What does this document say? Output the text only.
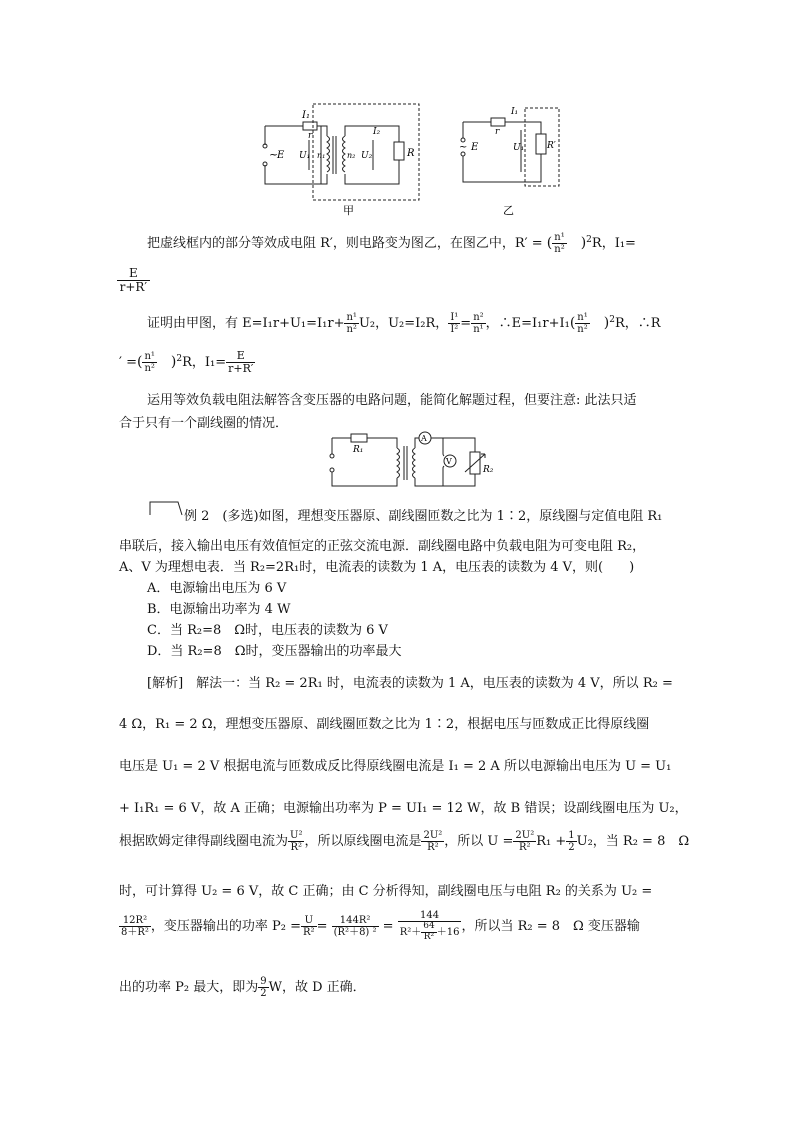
~
E
I₁
r
U₁ n₁	n₂
I₂
U₂	R
甲
~ E
I₁
r
U₁	R′
乙
把虚线框内的部分等效成电阻 R′，则电路变为图乙，在图乙中，R′ = ( $\frac{\text{n¹}}{\text{n²}}$ 　)$^2$R，I₁=
$\frac{E}{r+R'}$
证明由甲图，有 $E=I_1r+U_1=I_1r+ \frac{\text{n¹}}{\text{n²}} U_2$，U₂=I₂R， $\frac{\text{I¹}}{\text{I²}} = \frac{\text{n²}}{\text{n¹}}$ ，∴E=I₁r+I₁( $\frac{\text{n¹}}{\text{n²}}$ 　)$^2$R，∴R
′ =( $\frac{\text{n¹}}{\text{n²}}$ 　)$^2$R，$I_1= \frac{E}{r+R'}$
运用等效负载电阻法解答含变压器的电路问题，能简化解题过程，但要注意: 此法只适
合于只有一个副线圈的情况．
R₁
A
V
R₂
例 2　(多选)如图，理想变压器原、副线圈匝数之比为 1∶2，原线圈与定值电阻 R₁
串联后，接入输出电压有效值恒定的正弦交流电源．副线圈电路中负载电阻为可变电阻 R₂，
A、V 为理想电表．当 R₂=2R₁时，电流表的读数为 1 A，电压表的读数为 4 V，则(　　)
A．电源输出电压为 6 V
B．电源输出功率为 4 W
C．当 R₂=8　Ω时，电压表的读数为 6 V
D．当 R₂=8　Ω时，变压器输出的功率最大
[解析]　解法一：当 R₂ = 2R₁ 时，电流表的读数为 1 A，电压表的读数为 4 V，所以 R₂ =
4 Ω，R₁ = 2 Ω，理想变压器原、副线圈匝数之比为 1∶2，根据电压与匝数成正比得原线圈
电压是 U₁ = 2 V 根据电流与匝数成反比得原线圈电流是 I₁ = 2 A 所以电源输出电压为 U = U₁
+ I₁R₁ = 6 V，故 A 正确；电源输出功率为 P = UI₁ = 12 W，故 B 错误；设副线圈电压为 U₂，
根据欧姆定律得副线圈电流为 $\frac{\text{U²}}{\text{R²}}$ ，所以原线圈电流是 $\frac{\text{2U²}}{\text{R²}}$ ，所以 $U = \frac{\text{2U²}}{\text{R²}} R_1 + \frac{1}{2} U_2$，当 R₂ = 8　Ω
时，可计算得 U₂ = 6 V，故 C 正确；由 C 分析得知，副线圈电压与电阻 R₂ 的关系为 U₂ =
$\frac{\text{12R²}}{\text{8＋R²}}$ ，变压器输出的功率 $P_2 = \frac{U}{\text{R²}} = \frac{\text{144R²}}{\text{(R²＋8) ²}} = \frac{144}{R^2+ \frac{64}{\text{R²}} +16}$ ，所以当 R₂ = 8　Ω 变压器输
出的功率 P₂ 最大，即为 $\frac{9}{2}$ W，故 D 正确．
